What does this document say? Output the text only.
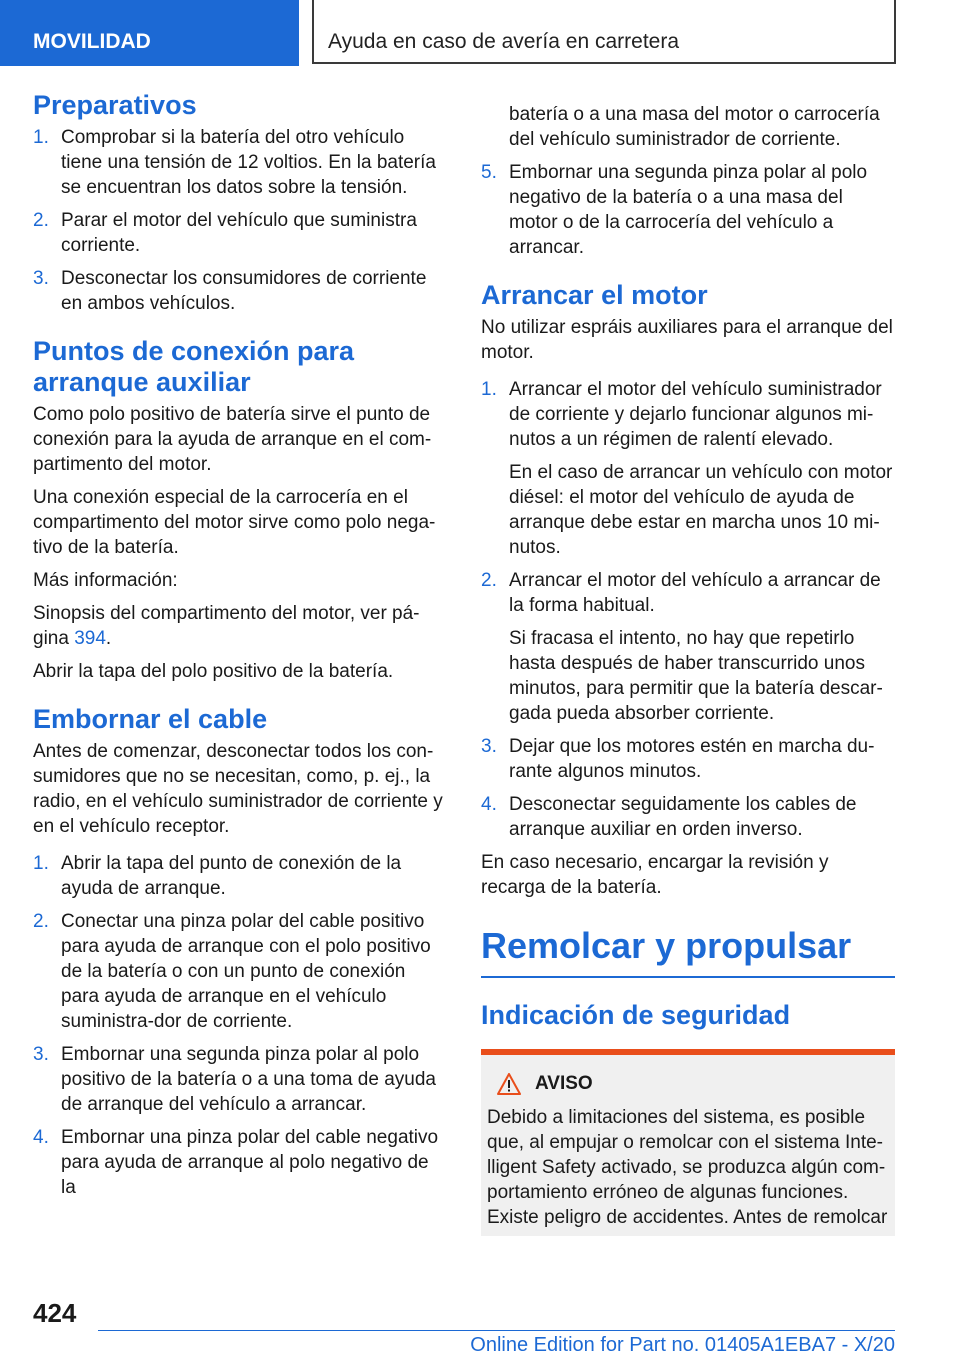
MOVILIDAD	Ayuda en caso de avería en carretera
Preparativos
1. Comprobar si la batería del otro vehículo tiene una tensión de 12 voltios. En la batería se encuentran los datos sobre la tensión.
2. Parar el motor del vehículo que suministra corriente.
3. Desconectar los consumidores de corriente en ambos vehículos.
Puntos de conexión para arranque auxiliar

Como polo positivo de batería sirve el punto de conexión para la ayuda de arranque en el com-partimento del motor.

Una conexión especial de la carrocería en el compartimento del motor sirve como polo nega-tivo de la batería.

Más información:

Sinopsis del compartimento del motor, ver pá-gina 394.

Abrir la tapa del polo positivo de la batería.

Embornar el cable

Antes de comenzar, desconectar todos los con-sumidores que no se necesitan, como, p. ej., la radio, en el vehículo suministrador de corriente y en el vehículo receptor.

1. Abrir la tapa del punto de conexión de la ayuda de arranque.
2. Conectar una pinza polar del cable positivo para ayuda de arranque con el polo positivo de la batería o con un punto de conexión para ayuda de arranque en el vehículo suministra-dor de corriente.
3. Embornar una segunda pinza polar al polo positivo de la batería o a una toma de ayuda de arranque del vehículo a arrancar.
4. Embornar una pinza polar del cable negativo para ayuda de arranque al polo negativo de la
batería o a una masa del motor o carrocería del vehículo suministrador de corriente.
5. Embornar una segunda pinza polar al polo negativo de la batería o a una masa del motor o de la carrocería del vehículo a arrancar.
Arrancar el motor

No utilizar espráis auxiliares para el arranque del motor.

1. Arrancar el motor del vehículo suministrador de corriente y dejarlo funcionar algunos mi-nutos a un régimen de ralentí elevado.

En el caso de arrancar un vehículo con motor diésel: el motor del vehículo de ayuda de arranque debe estar en marcha unos 10 mi-nutos.

2. Arrancar el motor del vehículo a arrancar de la forma habitual.

Si fracasa el intento, no hay que repetirlo hasta después de haber transcurrido unos minutos, para permitir que la batería descar-gada pueda absorber corriente.

3. Dejar que los motores estén en marcha du-rante algunos minutos.
4. Desconectar seguidamente los cables de arranque auxiliar en orden inverso.

En caso necesario, encargar la revisión y recarga de la batería.

Remolcar y propulsar
Indicación de seguridad
AVISO

Debido a limitaciones del sistema, es posible que, al empujar o remolcar con el sistema Inte-lligent Safety activado, se produzca algún com-portamiento erróneo de algunas funciones. Existe peligro de accidentes. Antes de remolcar

424
Online Edition for Part no. 01405A1EBA7 - X/20
